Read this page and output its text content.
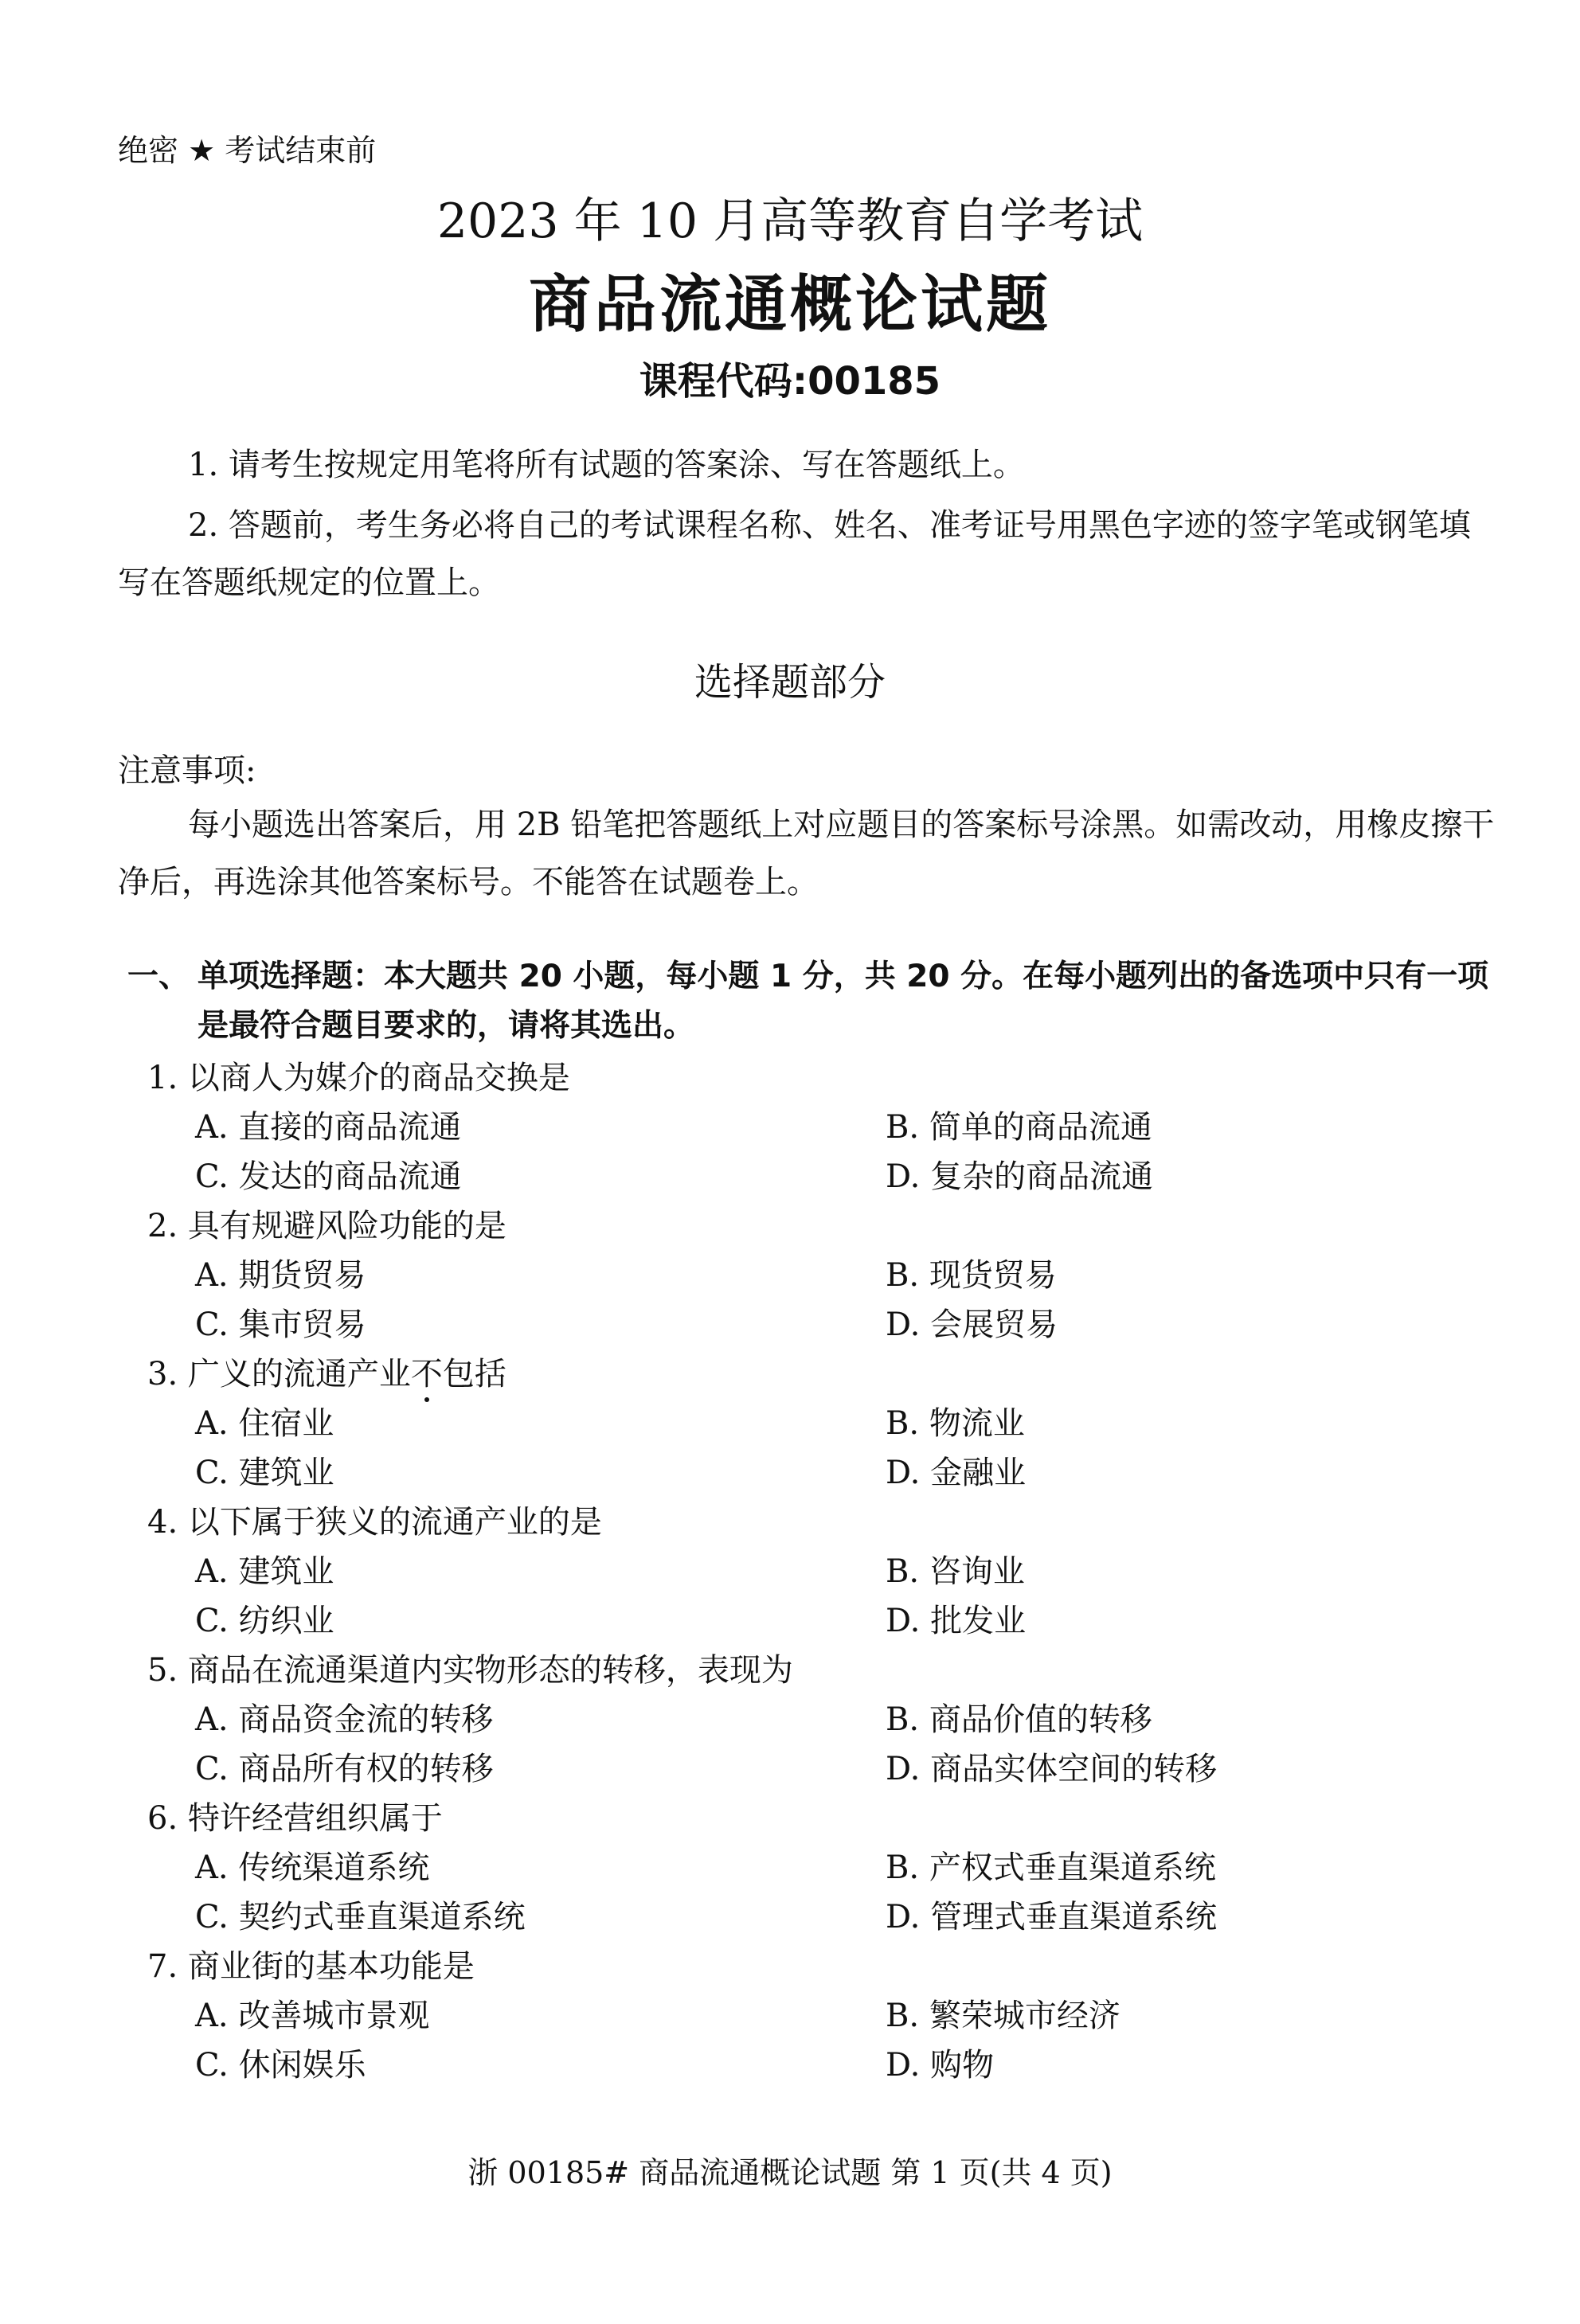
绝密 ★ 考试结束前
2023 年 10 月高等教育自学考试
商品流通概论试题
课程代码:00185
1. 请考生按规定用笔将所有试题的答案涂、写在答题纸上。
2. 答题前，考生务必将自己的考试课程名称、姓名、准考证号用黑色字迹的签字笔或钢笔填写在答题纸规定的位置上。
选择题部分
注意事项:
每小题选出答案后，用 2B 铅笔把答题纸上对应题目的答案标号涂黑。如需改动，用橡皮擦干净后，再选涂其他答案标号。不能答在试题卷上。
一、 单项选择题：本大题共 20 小题，每小题 1 分，共 20 分。在每小题列出的备选项中只有一项是最符合题目要求的，请将其选出。
1. 以商人为媒介的商品交换是
A. 直接的商品流通	B. 简单的商品流通
C. 发达的商品流通	D. 复杂的商品流通
2. 具有规避风险功能的是
A. 期货贸易	B. 现货贸易
C. 集市贸易	D. 会展贸易
3. 广义的流通产业不包括
A. 住宿业	B. 物流业
C. 建筑业	D. 金融业
4. 以下属于狭义的流通产业的是
A. 建筑业	B. 咨询业
C. 纺织业	D. 批发业
5. 商品在流通渠道内实物形态的转移，表现为
A. 商品资金流的转移	B. 商品价值的转移
C. 商品所有权的转移	D. 商品实体空间的转移
6. 特许经营组织属于
A. 传统渠道系统	B. 产权式垂直渠道系统
C. 契约式垂直渠道系统	D. 管理式垂直渠道系统
7. 商业街的基本功能是
A. 改善城市景观	B. 繁荣城市经济
C. 休闲娱乐	D. 购物
浙 00185# 商品流通概论试题 第 1 页(共 4 页)
